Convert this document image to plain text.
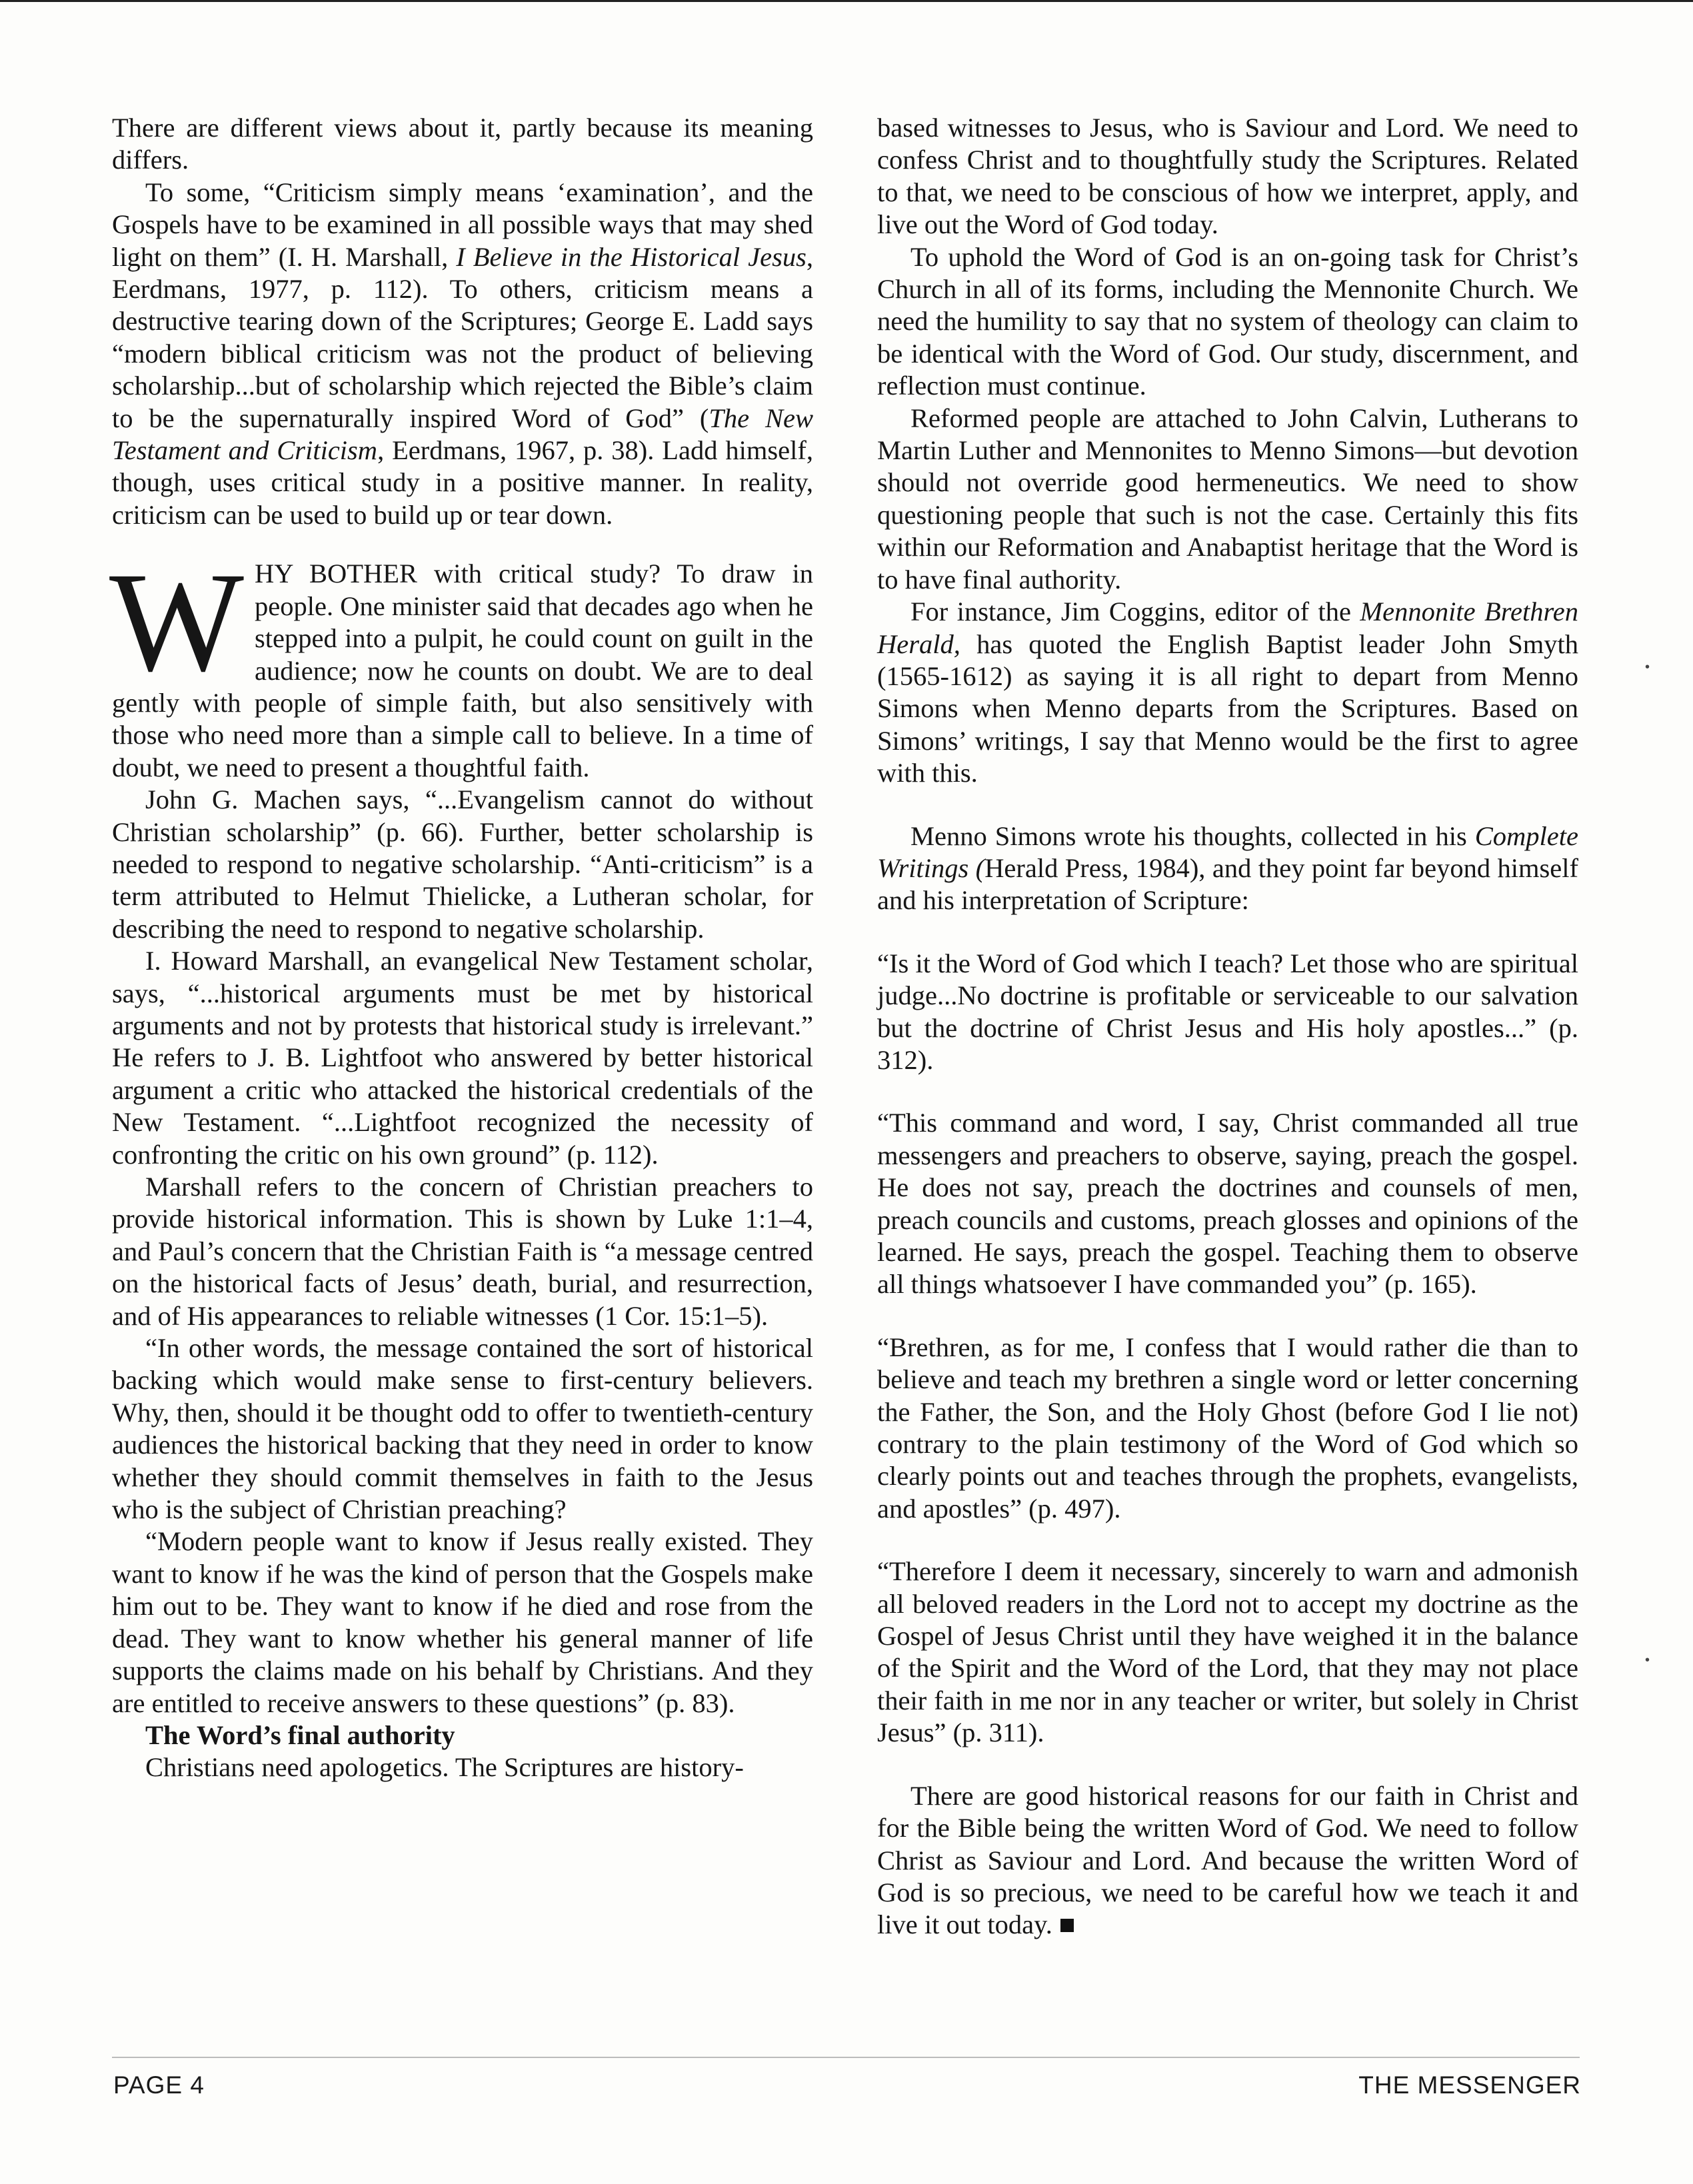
There are different views about it, partly because its meaning differs.

To some, “Criticism simply means ‘examination’, and the Gospels have to be examined in all possible ways that may shed light on them” (I. H. Marshall, I Believe in the Historical Jesus, Eerdmans, 1977, p. 112). To others, criticism means a destructive tearing down of the Scriptures; George E. Ladd says “modern biblical criticism was not the product of believing scholarship...but of scholarship which rejected the Bible’s claim to be the supernaturally inspired Word of God” (The New Testament and Criticism, Eerdmans, 1967, p. 38). Ladd himself, though, uses critical study in a positive manner. In reality, criticism can be used to build up or tear down.

WHY BOTHER with critical study? To draw in people. One minister said that decades ago when he stepped into a pulpit, he could count on guilt in the audience; now he counts on doubt. We are to deal gently with people of simple faith, but also sensitively with those who need more than a simple call to believe. In a time of doubt, we need to present a thoughtful faith.

John G. Machen says, “...Evangelism cannot do without Christian scholarship” (p. 66). Further, better scholarship is needed to respond to negative scholarship. “Anti-criticism” is a term attributed to Helmut Thielicke, a Lutheran scholar, for describing the need to respond to negative scholarship.

I. Howard Marshall, an evangelical New Testament scholar, says, “...historical arguments must be met by historical arguments and not by protests that historical study is irrelevant.” He refers to J. B. Lightfoot who answered by better historical argument a critic who attacked the historical credentials of the New Testament. “...Lightfoot recognized the necessity of confronting the critic on his own ground” (p. 112).

Marshall refers to the concern of Christian preachers to provide historical information. This is shown by Luke 1:1–4, and Paul’s concern that the Christian Faith is “a message centred on the historical facts of Jesus’ death, burial, and resurrection, and of His appearances to reliable witnesses (1 Cor. 15:1–5).

“In other words, the message contained the sort of historical backing which would make sense to first-century believers. Why, then, should it be thought odd to offer to twentieth-century audiences the historical backing that they need in order to know whether they should commit themselves in faith to the Jesus who is the subject of Christian preaching?

“Modern people want to know if Jesus really existed. They want to know if he was the kind of person that the Gospels make him out to be. They want to know if he died and rose from the dead. They want to know whether his general manner of life supports the claims made on his behalf by Christians. And they are entitled to receive answers to these questions” (p. 83).

The Word’s final authority

Christians need apologetics. The Scriptures are history-

based witnesses to Jesus, who is Saviour and Lord. We need to confess Christ and to thoughtfully study the Scriptures. Related to that, we need to be conscious of how we interpret, apply, and live out the Word of God today.

To uphold the Word of God is an on-going task for Christ’s Church in all of its forms, including the Mennonite Church. We need the humility to say that no system of theology can claim to be identical with the Word of God. Our study, discernment, and reflection must continue.

Reformed people are attached to John Calvin, Lutherans to Martin Luther and Mennonites to Menno Simons—but devotion should not override good hermeneutics. We need to show questioning people that such is not the case. Certainly this fits within our Reformation and Anabaptist heritage that the Word is to have final authority.

For instance, Jim Coggins, editor of the Mennonite Brethren Herald, has quoted the English Baptist leader John Smyth (1565-1612) as saying it is all right to depart from Menno Simons when Menno departs from the Scriptures. Based on Simons’ writings, I say that Menno would be the first to agree with this.

Menno Simons wrote his thoughts, collected in his Complete Writings (Herald Press, 1984), and they point far beyond himself and his interpretation of Scripture:

“Is it the Word of God which I teach? Let those who are spiritual judge...No doctrine is profitable or serviceable to our salvation but the doctrine of Christ Jesus and His holy apostles...” (p. 312).

“This command and word, I say, Christ commanded all true messengers and preachers to observe, saying, preach the gospel. He does not say, preach the doctrines and counsels of men, preach councils and customs, preach glosses and opinions of the learned. He says, preach the gospel. Teaching them to observe all things whatsoever I have commanded you” (p. 165).

“Brethren, as for me, I confess that I would rather die than to believe and teach my brethren a single word or letter concerning the Father, the Son, and the Holy Ghost (before God I lie not) contrary to the plain testimony of the Word of God which so clearly points out and teaches through the prophets, evangelists, and apostles” (p. 497).

“Therefore I deem it necessary, sincerely to warn and admonish all beloved readers in the Lord not to accept my doctrine as the Gospel of Jesus Christ until they have weighed it in the balance of the Spirit and the Word of the Lord, that they may not place their faith in me nor in any teacher or writer, but solely in Christ Jesus” (p. 311).

There are good historical reasons for our faith in Christ and for the Bible being the written Word of God. We need to follow Christ as Saviour and Lord. And because the written Word of God is so precious, we need to be careful how we teach it and live it out today.

•
•
PAGE 4	THE MESSENGER
